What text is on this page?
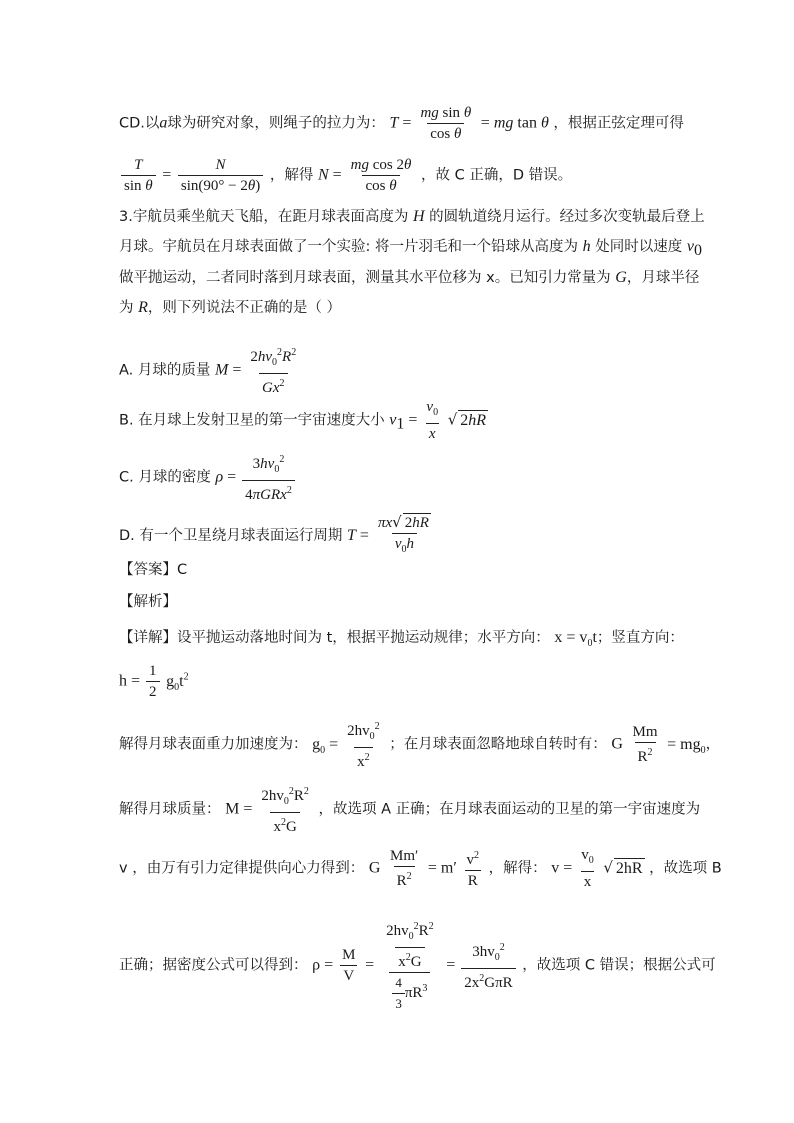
CD.以a球为研究对象，则绳子的拉力为： $T = \frac{\text{mg sin θ}}{\text{cos θ}}$ = mg tan θ ，根据正弦定理可得
$\frac{T}{\text{sin θ}} = \frac{N}{\sin(90^\circ - 2\theta)}$ ，解得 $N = \frac{\text{mg cos 2θ}}{\text{cos θ}}$ ，故 C 正确，D 错误。
3.宇航员乘坐航天飞船，在距月球表面高度为 H 的圆轨道绕月运行。经过多次变轨最后登上
月球。宇航员在月球表面做了一个实验: 将一片羽毛和一个铅球从高度为 h 处同时以速度 $v_0$
做平抛运动，二者同时落到月球表面，测量其水平位移为 x。已知引力常量为 G，月球半径
为 R，则下列说法不正确的是（ ）
A. 月球的质量 $M = \frac{2hv_0^2R^2}{Gx^2}$
B. 在月球上发射卫星的第一宇宙速度大小 $v_1 = \frac{v_0}{x}$ √ 2hR
C. 月球的密度 $\rho = \frac{3hv_0^2}{4\pi GRx^2}$
D. 有一个卫星绕月球表面运行周期 $T = \frac{\pi x√ 2hR}{v_0h}$
【答案】C
【解析】
【详解】设平抛运动落地时间为 t，根据平抛运动规律；水平方向： $x = v_0t$；竖直方向：
$h = \frac{1}{2} g_0t^2$
解得月球表面重力加速度为： $g_0 = \frac{2hv_0^2}{x^2}$ ；在月球表面忽略地球自转时有： G $\frac{Mm}{R^2} = mg_0$，
解得月球质量： $M = \frac{2hv_0^2R^2}{x^2G}$ ，故选项 A 正确；在月球表面运动的卫星的第一宇宙速度为
v ，由万有引力定律提供向心力得到： G $\frac{Mm'}{R^2} = m' \frac{v^2}{R}$ ，解得： $v = \frac{v_0}{x}$ √ 2hR ，故选项 B
正确；据密度公式可以得到： $\rho = \frac{M}{V} = \frac{\frac{2hv_0^2R^2}{x^2G}}{\frac{4}{3} \pi R^3} = \frac{3hv_0^2}{2x^2G\pi R}$ ，故选项 C 错误；根据公式可
